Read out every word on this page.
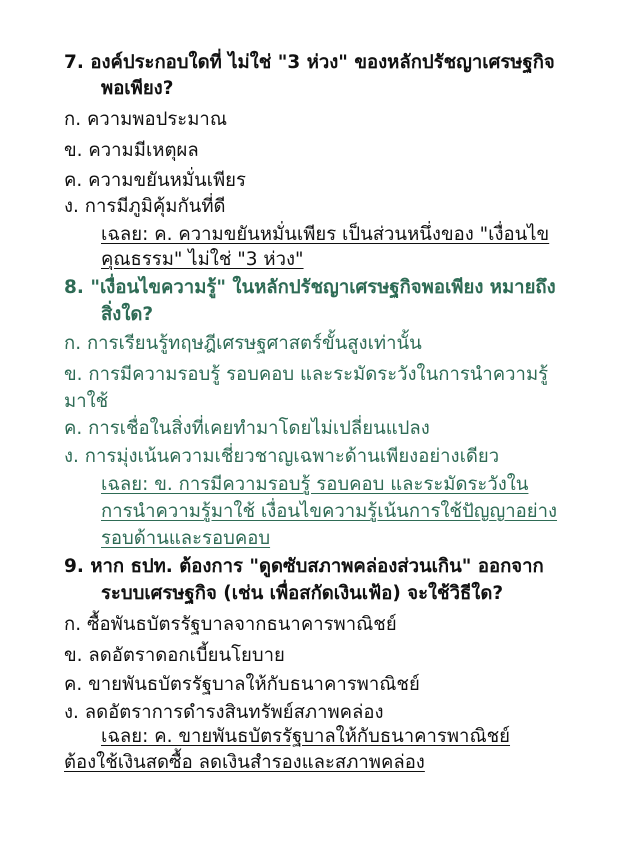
7. องค์ประกอบใดที่ ไม่ใช่ "3 ห่วง" ของหลักปรัชญาเศรษฐกิจ
พอเพียง?
ก. ความพอประมาณ
ข. ความมีเหตุผล
ค. ความขยันหมั่นเพียร
ง. การมีภูมิคุ้มกันที่ดี
เฉลย: ค. ความขยันหมั่นเพียร เป็นส่วนหนึ่งของ "เงื่อนไข
คุณธรรม" ไม่ใช่ "3 ห่วง"
8. "เงื่อนไขความรู้" ในหลักปรัชญาเศรษฐกิจพอเพียง หมายถึง
สิ่งใด?
ก. การเรียนรู้ทฤษฎีเศรษฐศาสตร์ขั้นสูงเท่านั้น
ข. การมีความรอบรู้ รอบคอบ และระมัดระวังในการนำความรู้
มาใช้
ค. การเชื่อในสิ่งที่เคยทำมาโดยไม่เปลี่ยนแปลง
ง. การมุ่งเน้นความเชี่ยวชาญเฉพาะด้านเพียงอย่างเดียว
เฉลย: ข. การมีความรอบรู้ รอบคอบ และระมัดระวังใน
การนำความรู้มาใช้ เงื่อนไขความรู้เน้นการใช้ปัญญาอย่าง
รอบด้านและรอบคอบ
9. หาก ธปท. ต้องการ "ดูดซับสภาพคล่องส่วนเกิน" ออกจาก
ระบบเศรษฐกิจ (เช่น เพื่อสกัดเงินเฟ้อ) จะใช้วิธีใด?
ก. ซื้อพันธบัตรรัฐบาลจากธนาคารพาณิชย์
ข. ลดอัตราดอกเบี้ยนโยบาย
ค. ขายพันธบัตรรัฐบาลให้กับธนาคารพาณิชย์
ง. ลดอัตราการดำรงสินทรัพย์สภาพคล่อง
เฉลย: ค. ขายพันธบัตรรัฐบาลให้กับธนาคารพาณิชย์
ต้องใช้เงินสดซื้อ ลดเงินสำรองและสภาพคล่อง
